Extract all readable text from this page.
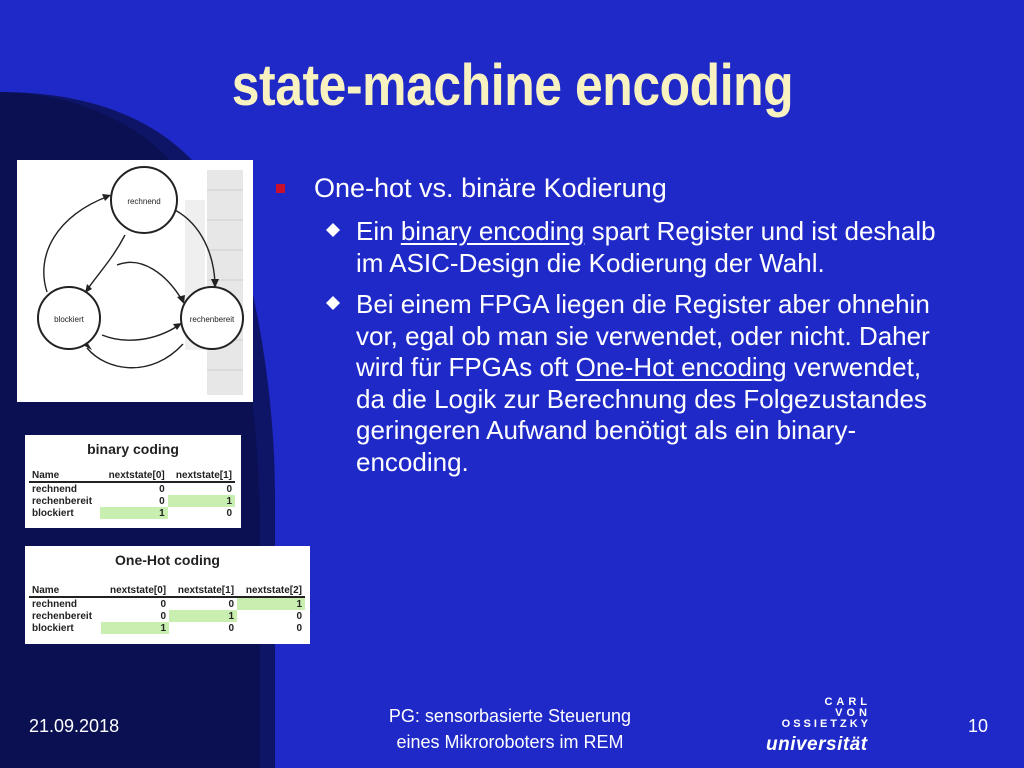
state-machine encoding
rechnend
rechenbereit
blockiert
binary coding
Name	nextstate[0]	nextstate[1]
rechnend	0	0
rechenbereit	0	1
blockiert	1	0
One-Hot coding
Name	nextstate[0]	nextstate[1]	nextstate[2]
rechnend	0	0	1
rechenbereit	0	1	0
blockiert	1	0	0
One-hot vs. binäre Kodierung
Ein binary encoding spart Register und ist deshalb im ASIC-Design die Kodierung der Wahl.
Bei einem FPGA liegen die Register aber ohnehin vor, egal ob man sie verwendet, oder nicht. Daher wird für FPGAs oft One-Hot encoding verwendet, da die Logik zur Berechnung des Folgezustandes geringeren Aufwand benötigt als ein binary-encoding.
21.09.2018	PG: sensorbasierte Steuerung
eines Mikroroboters im REM
CARL
VON
OSSIETZKY
universität
10
